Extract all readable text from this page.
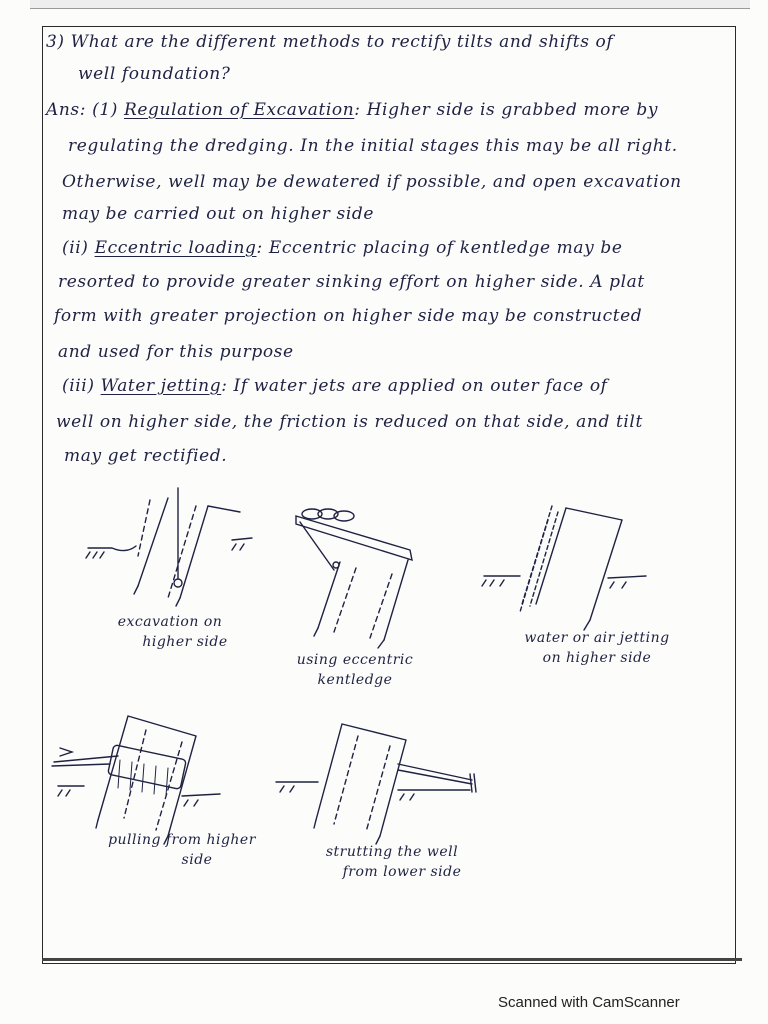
3) What are the different methods to rectify tilts and shifts of
well foundation?
Ans: (1) Regulation of Excavation: Higher side is grabbed more by
regulating the dredging. In the initial stages this may be all right.
Otherwise, well may be dewatered if possible, and open excavation
may be carried out on higher side
(ii) Eccentric loading: Eccentric placing of kentledge may be
resorted to provide greater sinking effort on higher side. A plat
form with greater projection on higher side may be constructed
and used for this purpose
(iii) Water jetting: If water jets are applied on outer face of
well on higher side, the friction is reduced on that side, and tilt
may get rectified.
excavation on
higher side
using eccentric
kentledge
water or air jetting
on higher side
pulling from higher
side	strutting the well
from lower side
Scanned with CamScanner
